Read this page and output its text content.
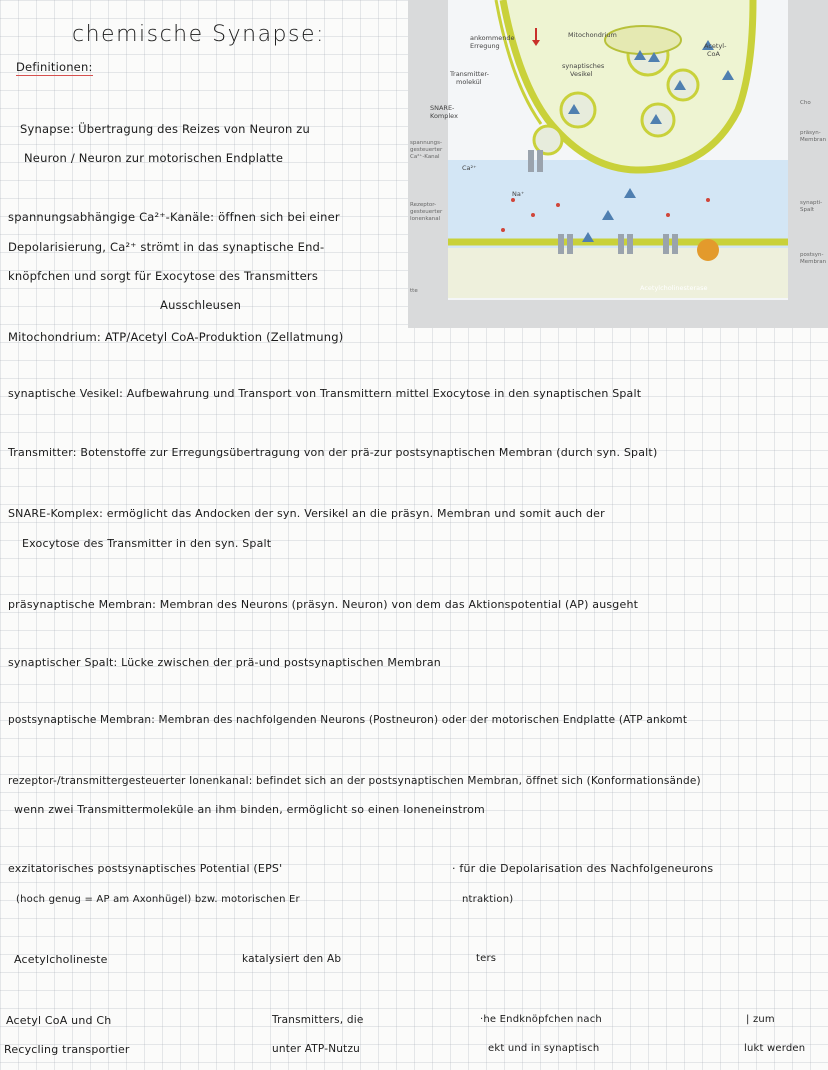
chemische Synapse:
Definitionen:
Synapse: Übertragung des Reizes von Neuron zu
Neuron / Neuron zur motorischen Endplatte
spannungsabhängige Ca²⁺-Kanäle: öffnen sich bei einer
Depolarisierung, Ca²⁺ strömt in das synaptische End-
knöpfchen und sorgt für Exocytose des Transmitters
Ausschleusen
Mitochondrium: ATP/Acetyl CoA-Produktion (Zellatmung)
synaptische Vesikel: Aufbewahrung und Transport von Transmittern mittel Exocytose in den synaptischen Spalt
Transmitter: Botenstoffe zur Erregungsübertragung von der prä-zur postsynaptischen Membran (durch syn. Spalt)
SNARE-Komplex: ermöglicht das Andocken der syn. Versikel an die präsyn. Membran und somit auch der
Exocytose des Transmitter in den syn. Spalt
präsynaptische Membran: Membran des Neurons (präsyn. Neuron) von dem das Aktionspotential (AP) ausgeht
synaptischer Spalt: Lücke zwischen der prä-und postsynaptischen Membran
postsynaptische Membran: Membran des nachfolgenden Neurons (Postneuron) oder der motorischen Endplatte (ATP ankomt
rezeptor-/transmittergesteuerter Ionenkanal: befindet sich an der postsynaptischen Membran, öffnet sich (Konformationsände)
wenn zwei Transmittermoleküle an ihm binden, ermöglicht so einen Ioneneinstrom
exzitatorisches postsynaptisches Potential (EPS'	· für die Depolarisation des Nachfolgeneurons
(hoch genug = AP am Axonhügel) bzw. motorischen Er	ntraktion)
Acetylcholineste	katalysiert den Ab	ters
Acetyl CoA und Ch	Transmitters, die	·he Endknöpfchen nach	| zum
Recycling transportier	unter ATP-Nutzu	ekt und in synaptisch	lukt werden
ankommende
Erregung
Mitochondrium
Acetyl-
CoA
Transmitter-
molekül
synaptisches
Vesikel
SNARE-
Komplex
Ca²⁺
Na⁺
Acetylcholinesterase
spannungs-
gesteuerter
Ca²⁺-Kanal
Rezeptor-
gesteuerter
Ionenkanal
tte
Cho
präsyn-
Membran
synapti-
Spalt
postsyn-
Membran
